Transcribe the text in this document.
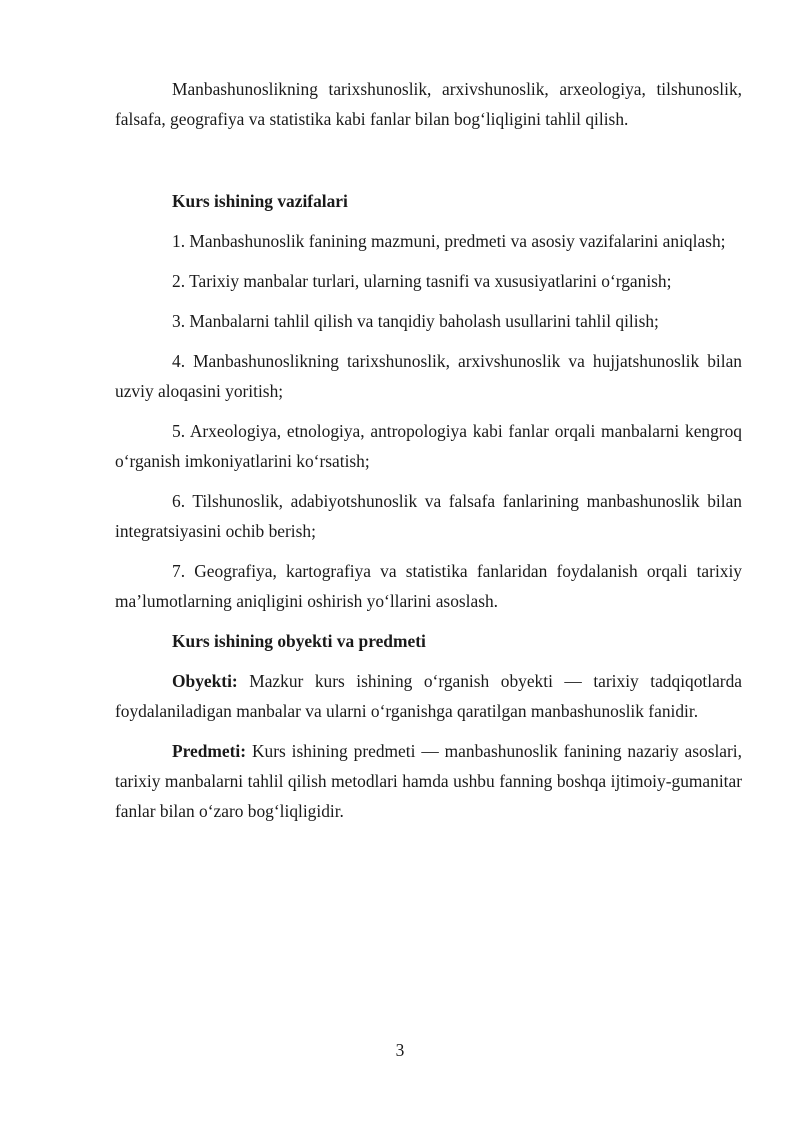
Manbashunoslikning tarixshunoslik, arxivshunoslik, arxeologiya, tilshunoslik, falsafa, geografiya va statistika kabi fanlar bilan bog‘liqligini tahlil qilish.

Kurs ishining vazifalari

1. Manbashunoslik fanining mazmuni, predmeti va asosiy vazifalarini aniqlash;

2. Tarixiy manbalar turlari, ularning tasnifi va xususiyatlarini o‘rganish;

3. Manbalarni tahlil qilish va tanqidiy baholash usullarini tahlil qilish;

4. Manbashunoslikning tarixshunoslik, arxivshunoslik va hujjatshunoslik bilan uzviy aloqasini yoritish;

5. Arxeologiya, etnologiya, antropologiya kabi fanlar orqali manbalarni kengroq o‘rganish imkoniyatlarini ko‘rsatish;

6. Tilshunoslik, adabiyotshunoslik va falsafa fanlarining manbashunoslik bilan integratsiyasini ochib berish;

7. Geografiya, kartografiya va statistika fanlaridan foydalanish orqali tarixiy ma’lumotlarning aniqligini oshirish yo‘llarini asoslash.

Kurs ishining obyekti va predmeti

Obyekti: Mazkur kurs ishining o‘rganish obyekti — tarixiy tadqiqotlarda foydalaniladigan manbalar va ularni o‘rganishga qaratilgan manbashunoslik fanidir.

Predmeti: Kurs ishining predmeti — manbashunoslik fanining nazariy asoslari, tarixiy manbalarni tahlil qilish metodlari hamda ushbu fanning boshqa ijtimoiy-gumanitar fanlar bilan o‘zaro bog‘liqligidir.

3
